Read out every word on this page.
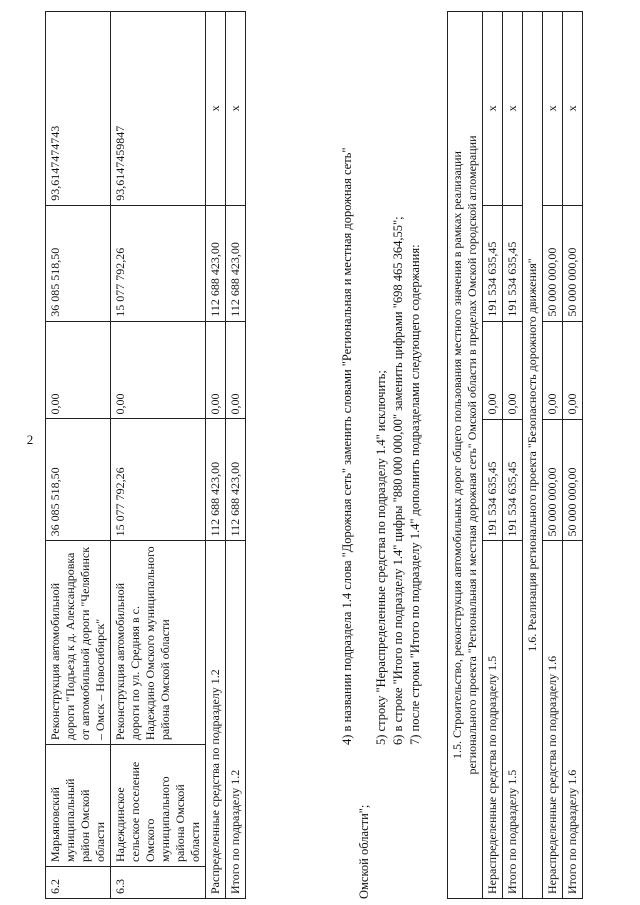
2
6.2	Марьяновский муниципальный район Омской области	Реконструкция автомобильной дороги "Подъезд к д. Александровка от автомобильной дороги "Челябинск – Омск – Новосибирск"	36 085 518,50	0,00	36 085 518,50	93,6147474743
6.3	Надеждинское сельское поселение Омского муниципального района Омской области	Реконструкция автомобильной дороги по ул. Средняя в с. Надеждино Омского муниципального района Омской области	15 077 792,26	0,00	15 077 792,26	93,6147459847
Распределенные средства по подразделу 1.2			112 688 423,00	0,00	112 688 423,00	x
Итого по подразделу 1.2			112 688 423,00	0,00	112 688 423,00	x
4) в названии подраздела 1.4 слова "Дорожная сеть" заменить словами "Региональная и местная дорожная сеть"
Омской области";
5) строку "Нераспределенные средства по подразделу 1.4" исключить; 6) в строке "Итого по подразделу 1.4" цифры "880 000 000,00" заменить цифрами "698 465 364,55"; 7) после строки "Итого по подразделу 1.4" дополнить подразделами следующего содержания: 1.5. Строительство, реконструкция автомобильных дорог общего пользования местного значения в рамках реализации регионального проекта "Региональная и местная дорожная сеть" Омской области в пределах Омской городской агломерации				

Нераспределенные средства по подразделу 1.5	191 534 635,45	0,00	191 534 635,45	x
Итого по подразделу 1.5	191 534 635,45	0,00	191 534 635,45	x
1.6. Реализация регионального проекта "Безопасность дорожного движения"				
Нераспределенные средства по подразделу 1.6	50 000 000,00	0,00	50 000 000,00	x
Итого по подразделу 1.6	50 000 000,00	0,00	50 000 000,00	x
